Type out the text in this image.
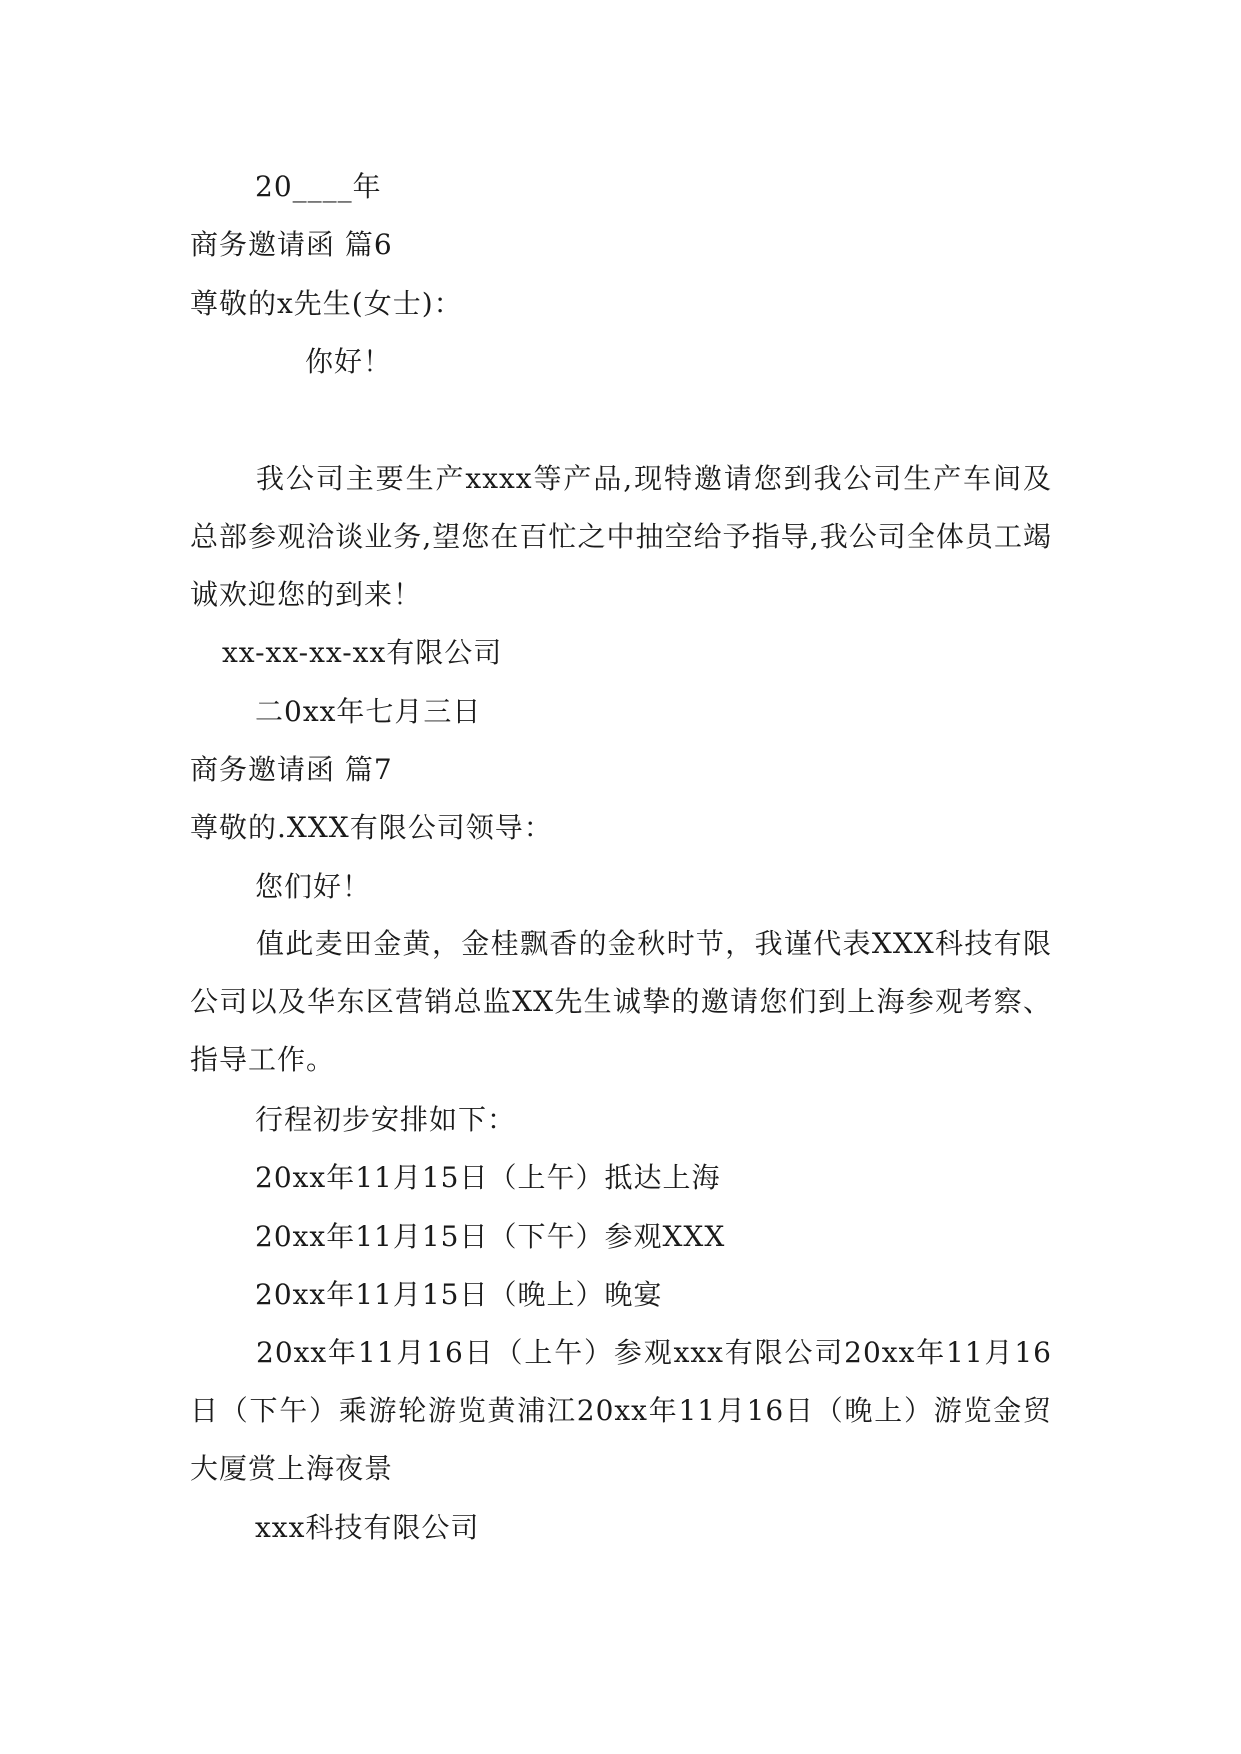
20____年
商务邀请函 篇6
尊敬的x先生(女士)：
你好！
我公司主要生产xxxx等产品,现特邀请您到我公司生产车间及总部参观洽谈业务,望您在百忙之中抽空给予指导,我公司全体员工竭诚欢迎您的到来！
xx-xx-xx-xx有限公司
二0xx年七月三日
商务邀请函 篇7
尊敬的.XXX有限公司领导：
您们好！
值此麦田金黄，金桂飘香的金秋时节，我谨代表XXX科技有限公司以及华东区营销总监XX先生诚挚的邀请您们到上海参观考察、指导工作。
行程初步安排如下：
20xx年11月15日（上午）抵达上海
20xx年11月15日（下午）参观XXX
20xx年11月15日（晚上）晚宴
20xx年11月16日（上午）参观xxx有限公司20xx年11月16日（下午）乘游轮游览黄浦江20xx年11月16日（晚上）游览金贸大厦赏上海夜景
xxx科技有限公司
